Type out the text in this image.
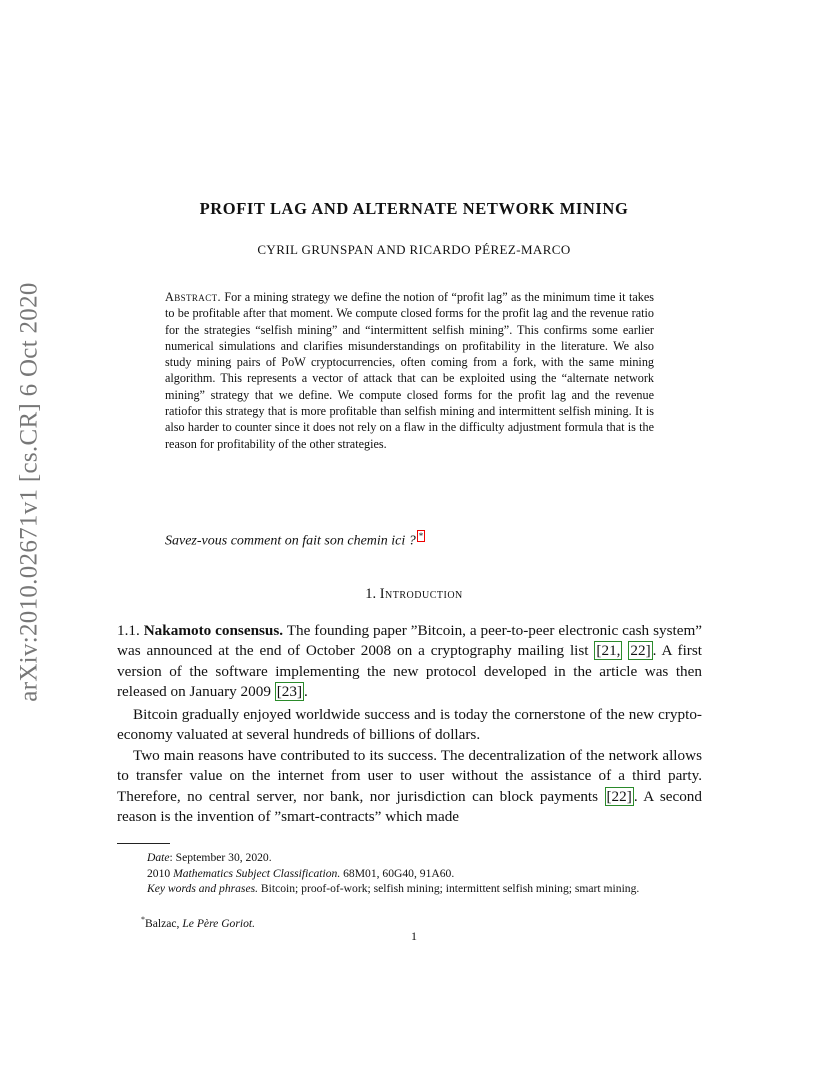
arXiv:2010.02671v1 [cs.CR] 6 Oct 2020
PROFIT LAG AND ALTERNATE NETWORK MINING
CYRIL GRUNSPAN AND RICARDO PÉREZ-MARCO
Abstract. For a mining strategy we define the notion of “profit lag” as the minimum time it takes to be profitable after that moment. We compute closed forms for the profit lag and the revenue ratio for the strategies “selfish mining” and “intermittent selfish mining”. This confirms some earlier numerical simulations and clarifies misunderstandings on profitability in the literature. We also study mining pairs of PoW cryptocurrencies, often coming from a fork, with the same mining algorithm. This represents a vector of attack that can be exploited using the “alternate network mining” strategy that we define. We compute closed forms for the profit lag and the revenue ratiofor this strategy that is more profitable than selfish mining and intermittent selfish mining. It is also harder to counter since it does not rely on a flaw in the difficulty adjustment formula that is the reason for profitability of the other strategies.
Savez-vous comment on fait son chemin ici ? *
1. Introduction

1.1. Nakamoto consensus. The founding paper ”Bitcoin, a peer-to-peer electronic cash system” was announced at the end of October 2008 on a cryptography mailing list [21, 22] . A first version of the software implementing the new protocol developed in the article was then released on January 2009 [23] .

Bitcoin gradually enjoyed worldwide success and is today the cornerstone of the new crypto-economy valuated at several hundreds of billions of dollars.

Two main reasons have contributed to its success. The decentralization of the network allows to transfer value on the internet from user to user without the assistance of a third party. Therefore, no central server, nor bank, nor jurisdiction can block payments [22] . A second reason is the invention of ”smart-contracts” which made

Date: September 30, 2020.
2010 Mathematics Subject Classification. 68M01, 60G40, 91A60.
Key words and phrases. Bitcoin; proof-of-work; selfish mining; intermittent selfish mining; smart mining.
*Balzac, Le Père Goriot.
1
